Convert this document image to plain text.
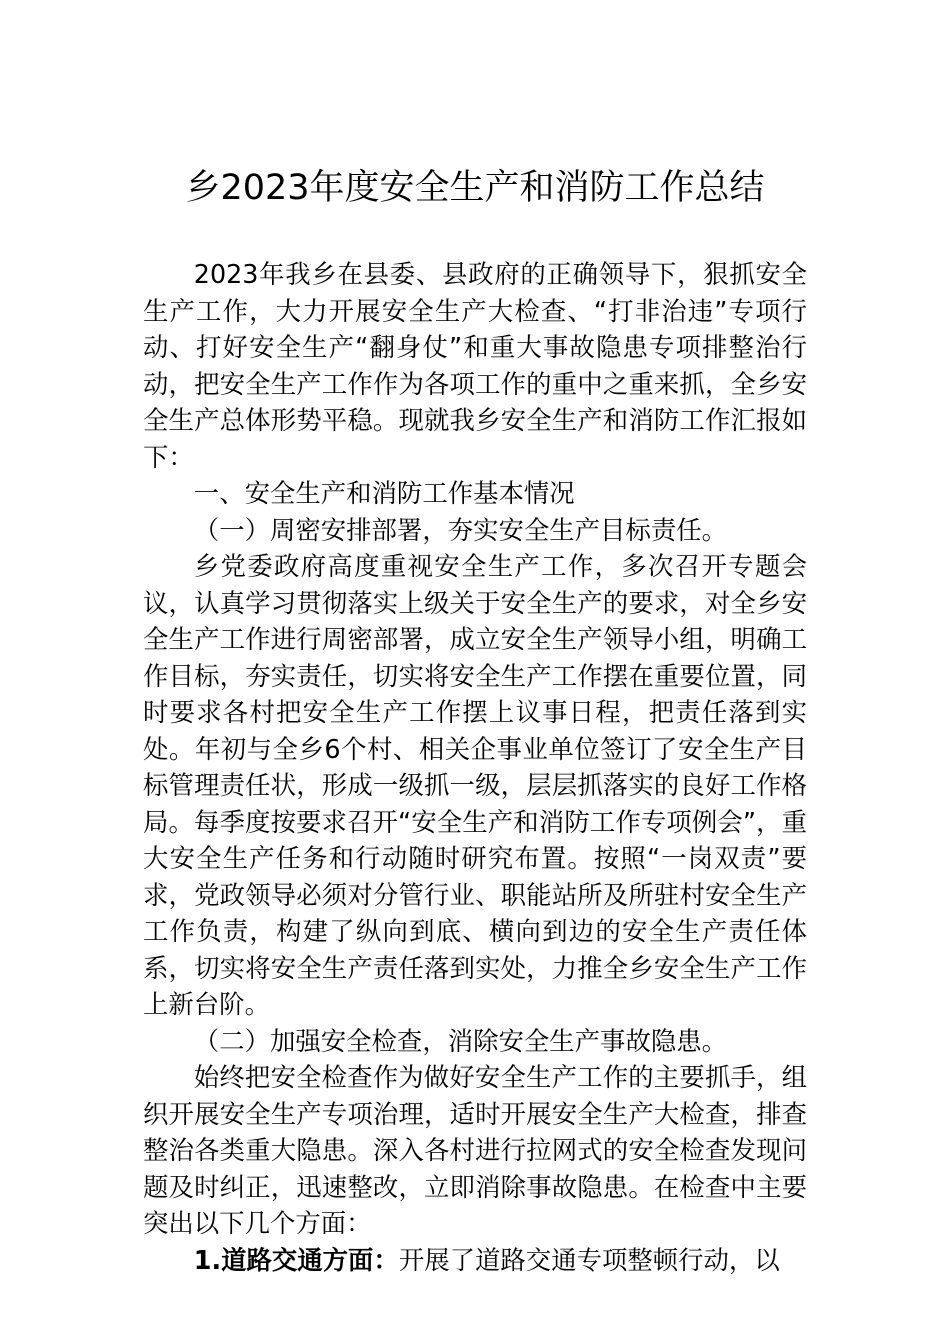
乡2023年度安全生产和消防工作总结

2023年我乡在县委、县政府的正确领导下，狠抓安全生产工作，大力开展安全生产大检查、“打非治违”专项行动、打好安全生产“翻身仗”和重大事故隐患专项排整治行动，把安全生产工作作为各项工作的重中之重来抓，全乡安全生产总体形势平稳。现就我乡安全生产和消防工作汇报如下：

一、安全生产和消防工作基本情况

（一）周密安排部署，夯实安全生产目标责任。

乡党委政府高度重视安全生产工作，多次召开专题会议，认真学习贯彻落实上级关于安全生产的要求，对全乡安全生产工作进行周密部署，成立安全生产领导小组，明确工作目标，夯实责任，切实将安全生产工作摆在重要位置，同时要求各村把安全生产工作摆上议事日程，把责任落到实处。年初与全乡6个村、相关企事业单位签订了安全生产目标管理责任状，形成一级抓一级，层层抓落实的良好工作格局。每季度按要求召开“安全生产和消防工作专项例会”，重大安全生产任务和行动随时研究布置。按照“一岗双责”要求，党政领导必须对分管行业、职能站所及所驻村安全生产工作负责，构建了纵向到底、横向到边的安全生产责任体系，切实将安全生产责任落到实处，力推全乡安全生产工作上新台阶。

（二）加强安全检查，消除安全生产事故隐患。

始终把安全检查作为做好安全生产工作的主要抓手，组织开展安全生产专项治理，适时开展安全生产大检查，排查整治各类重大隐患。深入各村进行拉网式的安全检查发现问题及时纠正，迅速整改，立即消除事故隐患。在检查中主要突出以下几个方面：

1.道路交通方面：开展了道路交通专项整顿行动，以
